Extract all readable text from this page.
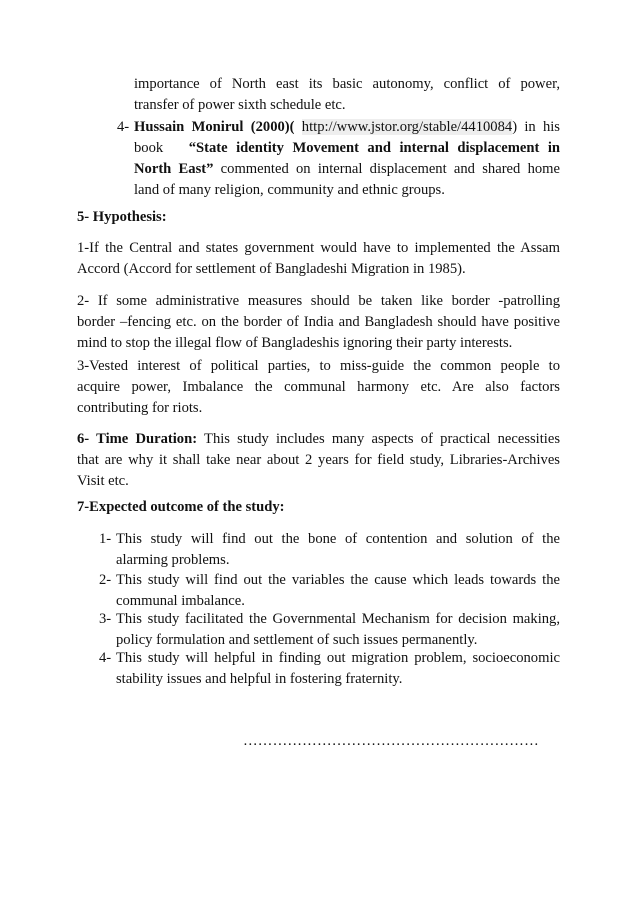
importance of North east its basic autonomy, conflict of power,
transfer of power sixth schedule etc.
4- Hussain Monirul (2000)( http://www.jstor.org/stable/4410084) in his
book “State identity Movement and internal displacement in
North East” commented on internal displacement and shared home
land of many religion, community and ethnic groups.
5- Hypothesis:
1-If the Central and states government would have to implemented the Assam
Accord (Accord for settlement of Bangladeshi Migration in 1985).
2- If some administrative measures should be taken like border -patrolling
border –fencing etc. on the border of India and Bangladesh should have positive
mind to stop the illegal flow of Bangladeshis ignoring their party interests.
3-Vested interest of political parties, to miss-guide the common people to
acquire power, Imbalance the communal harmony etc. Are also factors
contributing for riots.
6- Time Duration: This study includes many aspects of practical necessities
that are why it shall take near about 2 years for field study, Libraries-Archives
Visit etc.
7-Expected outcome of the study:
1- This study will find out the bone of contention and solution of the
alarming problems.
2- This study will find out the variables the cause which leads towards the
communal imbalance.
3- This study facilitated the Governmental Mechanism for decision making,
policy formulation and settlement of such issues permanently.
4- This study will helpful in finding out migration problem, socioeconomic
stability issues and helpful in fostering fraternity.
……………………………………………………
